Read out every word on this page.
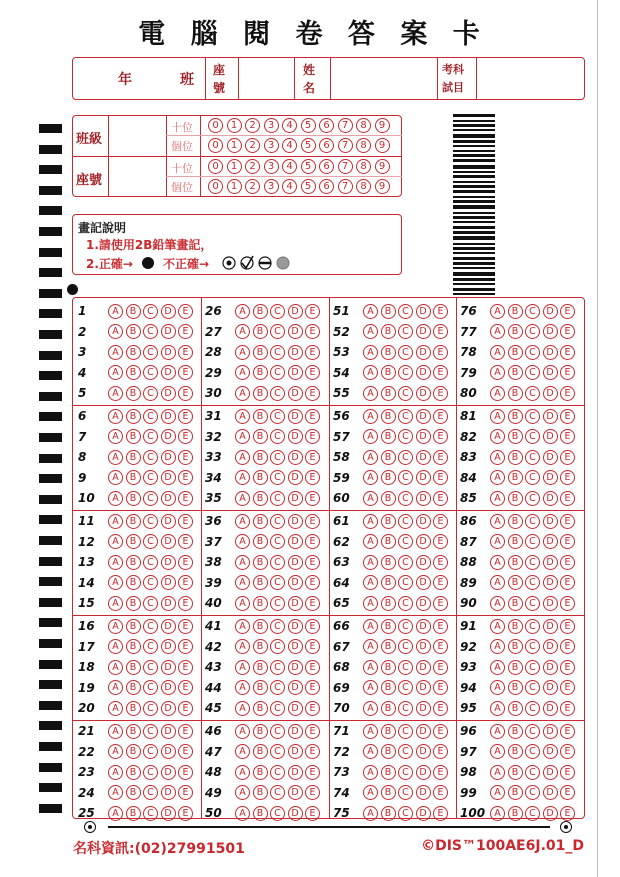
電 腦 閱 卷 答 案 卡
年	班
座
號
姓
名
考科
試目
班級
座號
十位
個位
十位
個位
0	1	2	3	4	5	6	7	8	9
0	1	2	3	4	5	6	7	8	9
0	1	2	3	4	5	6	7	8	9
0	1	2	3	4	5	6	7	8	9
畫記說明
1.請使用2B鉛筆畫記，
2.正確→	不正確→
1	A	B	C	D	E
2	A	B	C	D	E
3	A	B	C	D	E
4	A	B	C	D	E
5	A	B	C	D	E
6	A	B	C	D	E
7	A	B	C	D	E
8	A	B	C	D	E
9	A	B	C	D	E
10	A	B	C	D	E
11	A	B	C	D	E
12	A	B	C	D	E
13	A	B	C	D	E
14	A	B	C	D	E
15	A	B	C	D	E
16	A	B	C	D	E
17	A	B	C	D	E
18	A	B	C	D	E
19	A	B	C	D	E
20	A	B	C	D	E
21	A	B	C	D	E
22	A	B	C	D	E
23	A	B	C	D	E
24	A	B	C	D	E
25	A	B	C	D	E
26	A	B	C	D	E
27	A	B	C	D	E
28	A	B	C	D	E
29	A	B	C	D	E
30	A	B	C	D	E
31	A	B	C	D	E
32	A	B	C	D	E
33	A	B	C	D	E
34	A	B	C	D	E
35	A	B	C	D	E
36	A	B	C	D	E
37	A	B	C	D	E
38	A	B	C	D	E
39	A	B	C	D	E
40	A	B	C	D	E
41	A	B	C	D	E
42	A	B	C	D	E
43	A	B	C	D	E
44	A	B	C	D	E
45	A	B	C	D	E
46	A	B	C	D	E
47	A	B	C	D	E
48	A	B	C	D	E
49	A	B	C	D	E
50	A	B	C	D	E
51	A	B	C	D	E
52	A	B	C	D	E
53	A	B	C	D	E
54	A	B	C	D	E
55	A	B	C	D	E
56	A	B	C	D	E
57	A	B	C	D	E
58	A	B	C	D	E
59	A	B	C	D	E
60	A	B	C	D	E
61	A	B	C	D	E
62	A	B	C	D	E
63	A	B	C	D	E
64	A	B	C	D	E
65	A	B	C	D	E
66	A	B	C	D	E
67	A	B	C	D	E
68	A	B	C	D	E
69	A	B	C	D	E
70	A	B	C	D	E
71	A	B	C	D	E
72	A	B	C	D	E
73	A	B	C	D	E
74	A	B	C	D	E
75	A	B	C	D	E
76	A	B	C	D	E
77	A	B	C	D	E
78	A	B	C	D	E
79	A	B	C	D	E
80	A	B	C	D	E
81	A	B	C	D	E
82	A	B	C	D	E
83	A	B	C	D	E
84	A	B	C	D	E
85	A	B	C	D	E
86	A	B	C	D	E
87	A	B	C	D	E
88	A	B	C	D	E
89	A	B	C	D	E
90	A	B	C	D	E
91	A	B	C	D	E
92	A	B	C	D	E
93	A	B	C	D	E
94	A	B	C	D	E
95	A	B	C	D	E
96	A	B	C	D	E
97	A	B	C	D	E
98	A	B	C	D	E
99	A	B	C	D	E
100 A	B	C	D	E
名科資訊:(02)27991501	©DIS™100AE6J.01_D
